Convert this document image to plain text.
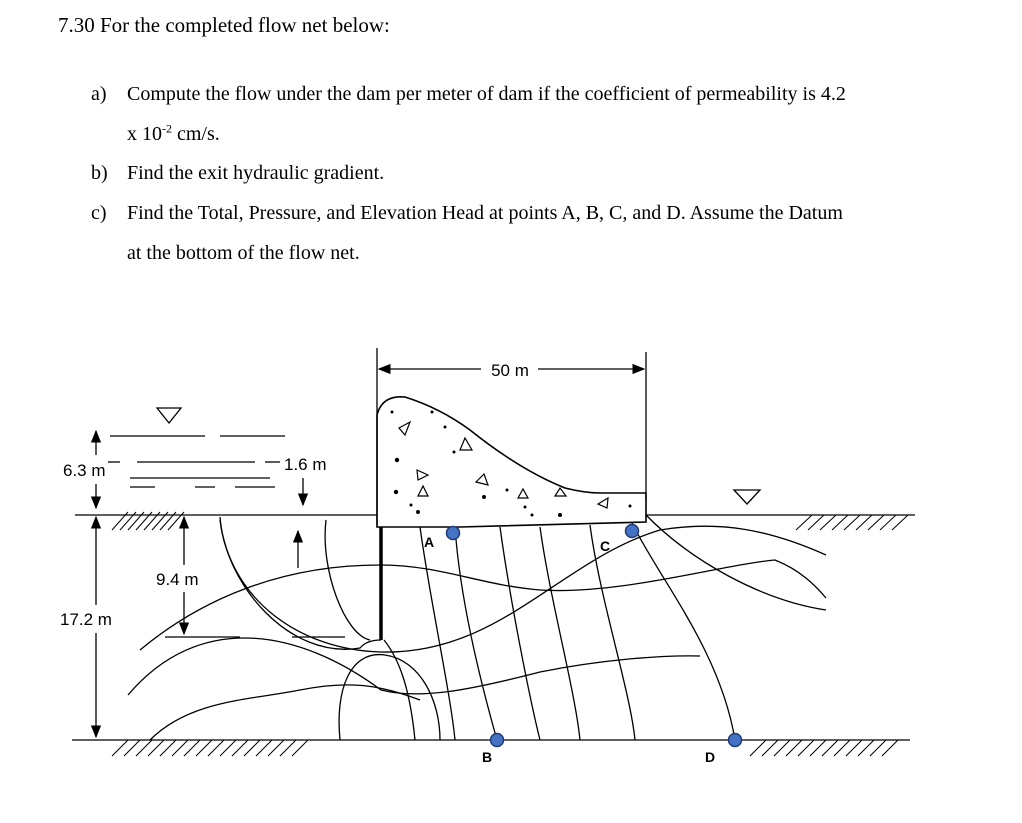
7.30 For the completed flow net below:
a) Compute the flow under the dam per meter of dam if the coefficient of permeability is 4.2
x $10^{-2}$ cm/s.
b) Find the exit hydraulic gradient.
c) Find the Total, Pressure, and Elevation Head at points A, B, C, and D. Assume the Datum
at the bottom of the flow net.
50 m
6.3 m	1.6 m
9.4 m
17.2 m
A
B
C
D
